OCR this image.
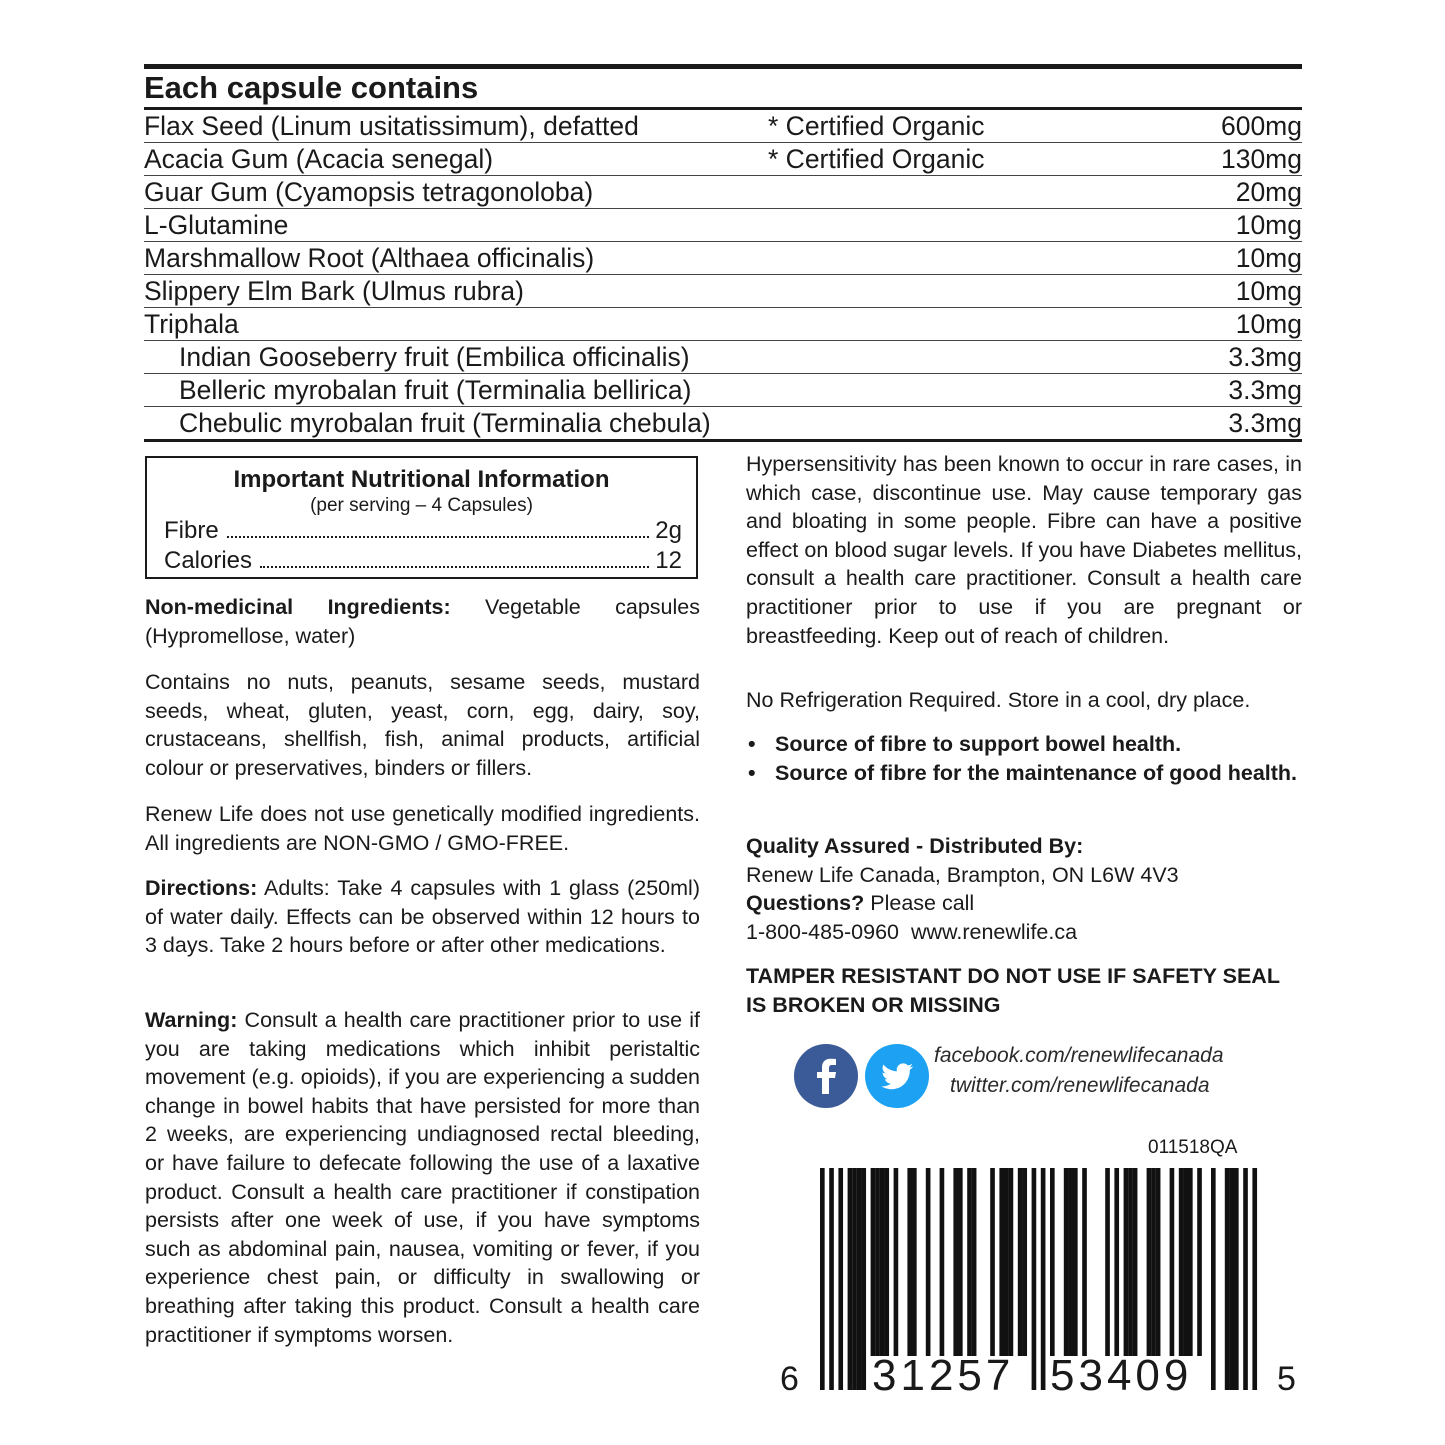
Each capsule contains
Flax Seed (Linum usitatissimum), defatted	* Certified Organic	600mg
Acacia Gum (Acacia senegal)	* Certified Organic	130mg
Guar Gum (Cyamopsis tetragonoloba)	20mg
L-Glutamine	10mg
Marshmallow Root (Althaea officinalis)	10mg
Slippery Elm Bark (Ulmus rubra)	10mg
Triphala	10mg
Indian Gooseberry fruit (Embilica officinalis)	3.3mg
Belleric myrobalan fruit (Terminalia bellirica)	3.3mg
Chebulic myrobalan fruit (Terminalia chebula)	3.3mg
Important Nutritional Information
(per serving – 4 Capsules)
Fibre	2g
Calories	12
Non-medicinal Ingredients: Vegetable capsules (Hypromellose, water)
Contains no nuts, peanuts, sesame seeds, mustard seeds, wheat, gluten, yeast, corn, egg, dairy, soy, crustaceans, shellfish, fish, animal products, artificial colour or preservatives, binders or fillers.
Renew Life does not use genetically modified ingredients. All ingredients are NON-GMO / GMO-FREE.
Directions: Adults: Take 4 capsules with 1 glass (250ml) of water daily. Effects can be observed within 12 hours to 3 days. Take 2 hours before or after other medications.
Warning: Consult a health care practitioner prior to use if you are taking medications which inhibit peristaltic movement (e.g. opioids), if you are experiencing a sudden change in bowel habits that have persisted for more than 2 weeks, are experiencing undiagnosed rectal bleeding, or have failure to defecate following the use of a laxative product. Consult a health care practitioner if constipation persists after one week of use, if you have symptoms such as abdominal pain, nausea, vomiting or fever, if you experience chest pain, or difficulty in swallowing or breathing after taking this product. Consult a health care practitioner if symptoms worsen.
Hypersensitivity has been known to occur in rare cases, in which case, discontinue use. May cause temporary gas and bloating in some people. Fibre can have a positive effect on blood sugar levels. If you have Diabetes mellitus, consult a health care practitioner. Consult a health care practitioner prior to use if you are pregnant or breastfeeding. Keep out of reach of children.
No Refrigeration Required. Store in a cool, dry place.
• Source of fibre to support bowel health.
• Source of fibre for the maintenance of good health.
Quality Assured - Distributed By:
Renew Life Canada, Brampton, ON L6W 4V3
Questions? Please call
1-800-485-0960 www.renewlife.ca
TAMPER RESISTANT DO NOT USE IF SAFETY SEAL IS BROKEN OR MISSING
facebook.com/renewlifecanada
twitter.com/renewlifecanada
011518QA
6 31257 53409 5
